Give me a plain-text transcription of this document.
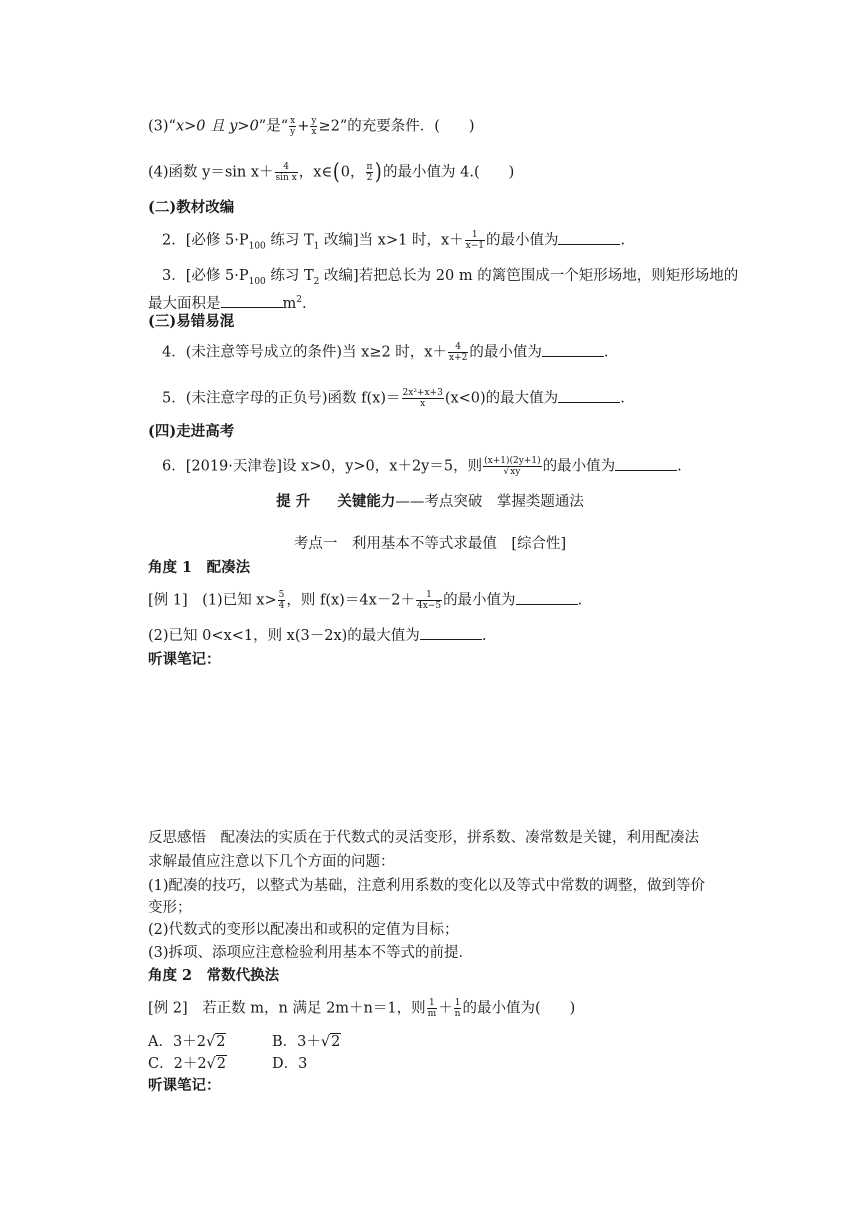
(3)“x>0 且 y>0”是“ $\frac{x}{y} + \frac{y}{x} \ge 2$”的充要条件．(　　)
(4)函数 y＝sin $x+ \frac{4}{\text{sin x}}$ ，x∈(0， $\frac{\pi}{2}$ )的最小值为 4.(　　)
(二)教材改编
2．[必修 $5\cdot P_{100}$ 练习 $T_1$ 改编]当 x>1 时，$x+ \frac{1}{x-1}$ 的最小值为	.
3．[必修 $5\cdot P_{100}$ 练习 $T_2$ 改编]若把总长为 20 m 的篱笆围成一个矩形场地，则矩形场地的
最大面积是	$m^2$.
(三)易错易混
4．(未注意等号成立的条件)当 x≥2 时，$x+ \frac{4}{x+2}$ 的最小值为	.
5．(未注意字母的正负号)函数 $f(x)= \frac{\text{2x²+x+3}}{x} (x<0)$的最大值为	.
(四)走进高考
6．[2019·天津卷]设 x>0，y>0，x＋2y＝5，则 $\frac{(x+1)(2y+1)}{√xy}$ 的最小值为	.
提 升 关键能力——考点突破　掌握类题通法
考点一　利用基本不等式求最值　[综合性]
角度 1　配凑法
[例 1]　 (1)已知 $x> \frac{5}{4}$ ，则 $f(x)=4x-2+ \frac{1}{4x-5}$ 的最小值为	.
(2)已知 0<x<1，则 x(3－2x)的最大值为	.
听课笔记：
反思感悟　配凑法的实质在于代数式的灵活变形，拼系数、凑常数是关键，利用配凑法
求解最值应注意以下几个方面的问题：
(1)配凑的技巧，以整式为基础，注意利用系数的变化以及等式中常数的调整，做到等价
变形；
(2)代数式的变形以配凑出和或积的定值为目标；
(3)拆项、添项应注意检验利用基本不等式的前提．
角度 2　常数代换法
[例 2]　 若正数 m，n 满足 2m＋n＝1，则 $\frac{1}{m} + \frac{1}{n}$ 的最小值为(　　)
A．3＋2√2	B．3＋√2
C．2＋2√2	D．3
听课笔记：
